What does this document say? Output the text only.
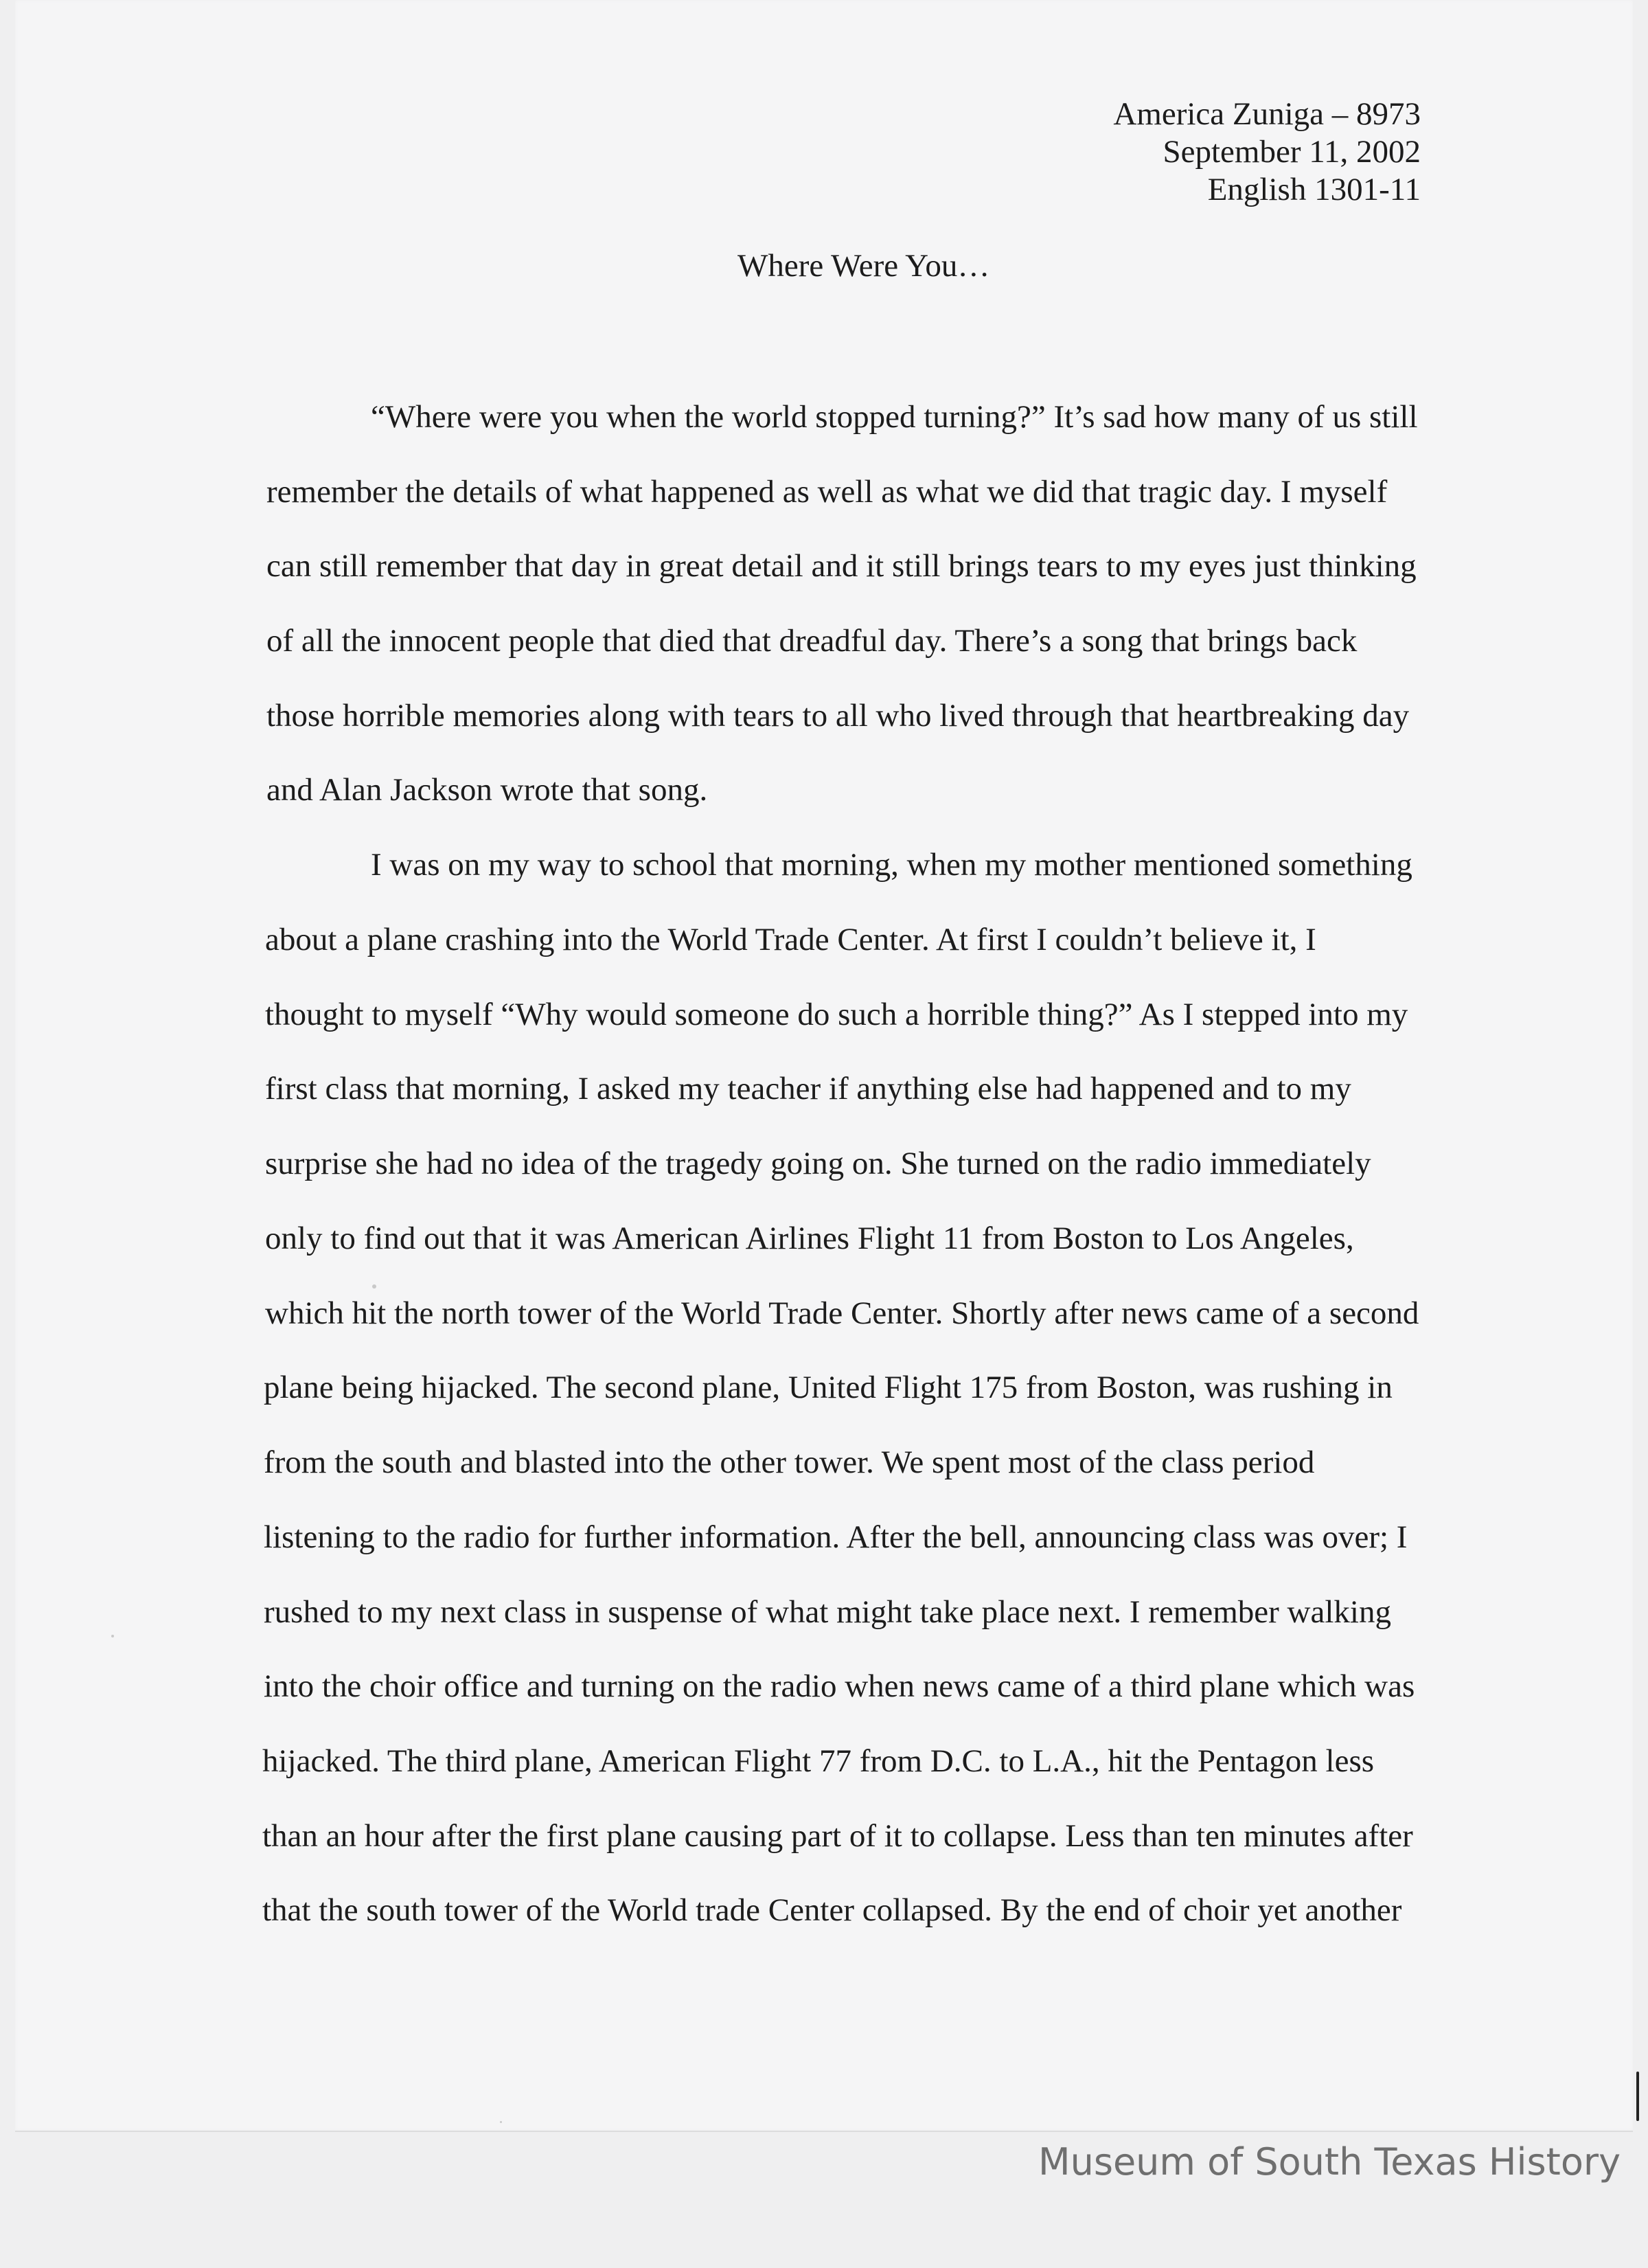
America Zuniga – 8973
September 11, 2002
English 1301-11
Where Were You…
“Where were you when the world stopped turning?” It’s sad how many of us still
remember the details of what happened as well as what we did that tragic day. I myself
can still remember that day in great detail and it still brings tears to my eyes just thinking
of all the innocent people that died that dreadful day. There’s a song that brings back
those horrible memories along with tears to all who lived through that heartbreaking day
and Alan Jackson wrote that song.
I was on my way to school that morning, when my mother mentioned something
about a plane crashing into the World Trade Center. At first I couldn’t believe it, I
thought to myself “Why would someone do such a horrible thing?” As I stepped into my
first class that morning, I asked my teacher if anything else had happened and to my
surprise she had no idea of the tragedy going on. She turned on the radio immediately
only to find out that it was American Airlines Flight 11 from Boston to Los Angeles,
which hit the north tower of the World Trade Center. Shortly after news came of a second
plane being hijacked. The second plane, United Flight 175 from Boston, was rushing in
from the south and blasted into the other tower. We spent most of the class period
listening to the radio for further information. After the bell, announcing class was over; I
rushed to my next class in suspense of what might take place next. I remember walking
into the choir office and turning on the radio when news came of a third plane which was
hijacked. The third plane, American Flight 77 from D.C. to L.A., hit the Pentagon less
than an hour after the first plane causing part of it to collapse. Less than ten minutes after
that the south tower of the World trade Center collapsed. By the end of choir yet another
Museum of South Texas History
